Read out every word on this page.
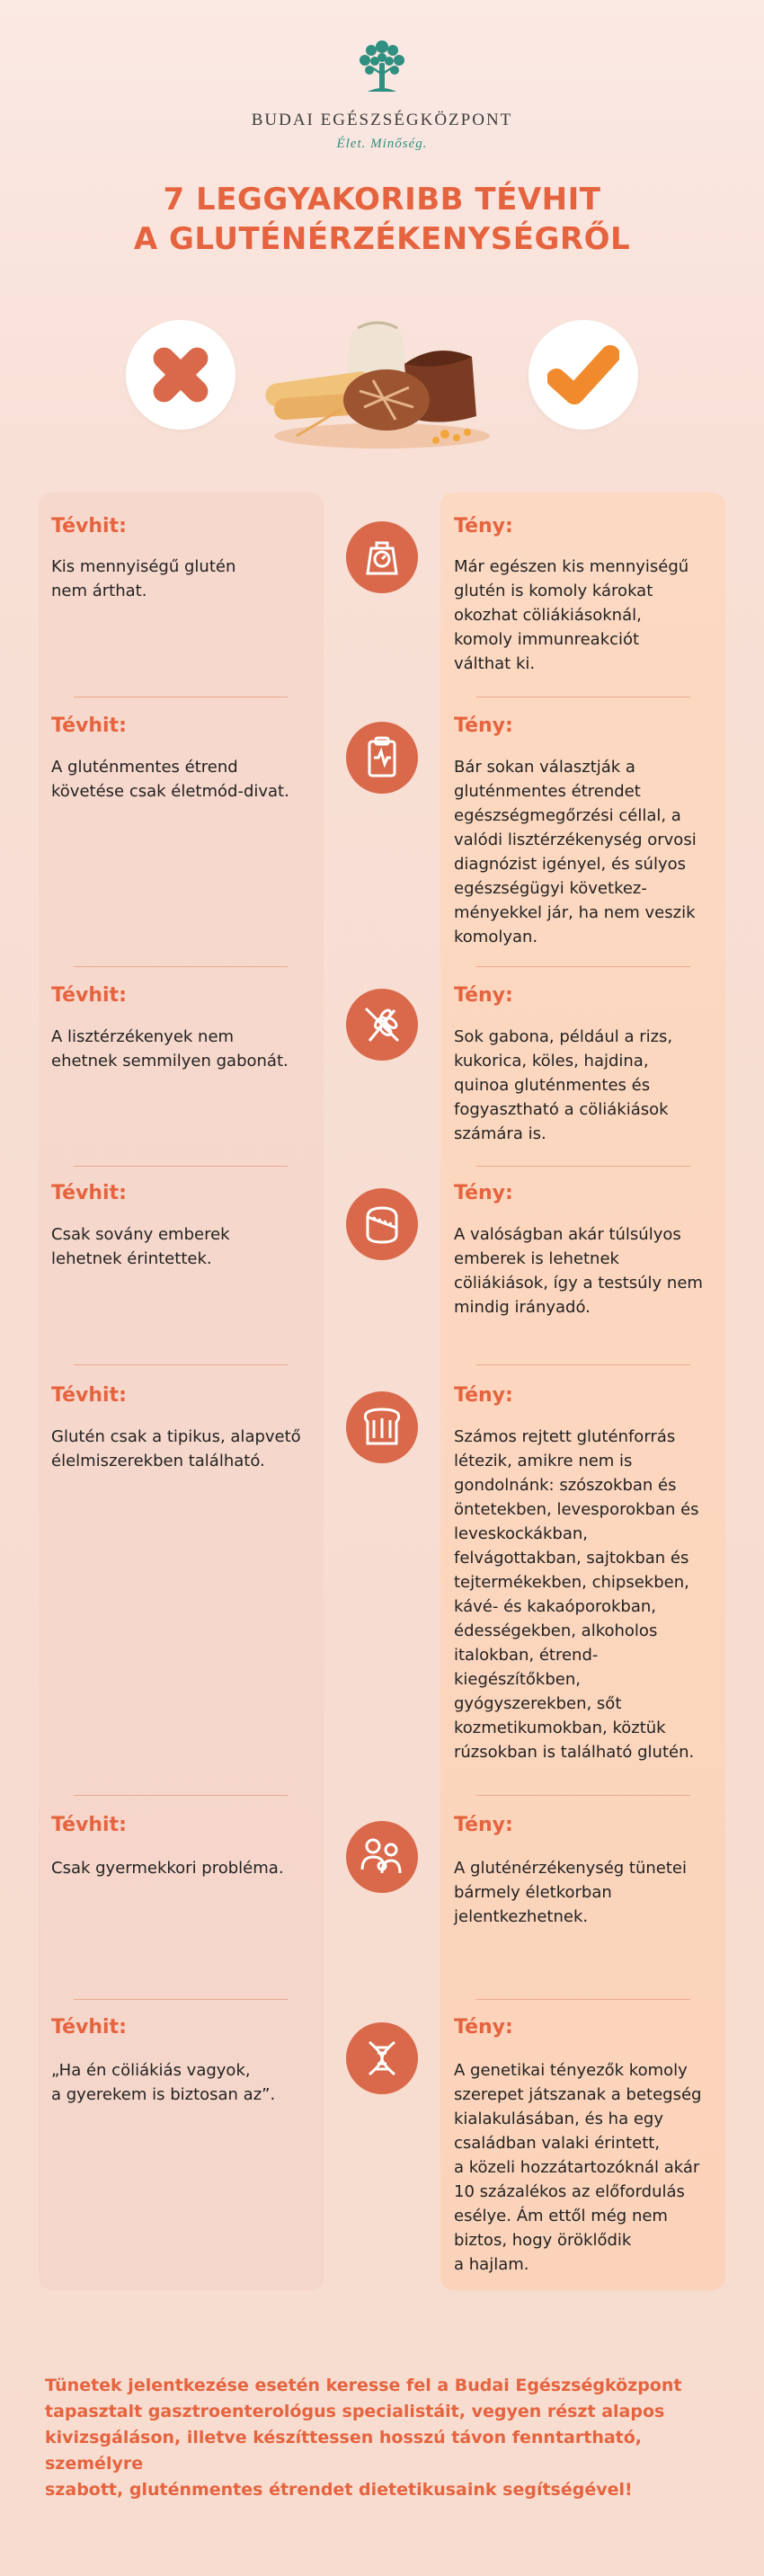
BUDAI EGÉSZSÉGKÖZPONT
Élet. Minőség.
7 LEGGYAKORIBB TÉVHIT
A GLUTÉNÉRZÉKENYSÉGRŐL
Tévhit:
Kis mennyiségű glutén
nem árthat.
Tény:
Már egészen kis mennyiségű
glutén is komoly károkat
okozhat cöliákiásoknál,
komoly immunreakciót
válthat ki.
Tévhit:
A gluténmentes étrend
követése csak életmód-divat.
Tény:
Bár sokan választják a
gluténmentes étrendet
egészségmegőrzési céllal, a
valódi lisztérzékenység orvosi
diagnózist igényel, és súlyos
egészségügyi következ-
ményekkel jár, ha nem veszik
komolyan.
Tévhit:
A lisztérzékenyek nem
ehetnek semmilyen gabonát.
Tény:
Sok gabona, például a rizs,
kukorica, köles, hajdina,
quinoa gluténmentes és
fogyasztható a cöliákiások
számára is.
Tévhit:
Csak sovány emberek
lehetnek érintettek.
Tény:
A valóságban akár túlsúlyos
emberek is lehetnek
cöliákiások, így a testsúly nem
mindig irányadó.
Tévhit:
Glutén csak a tipikus, alapvető
élelmiszerekben található.
Tény:
Számos rejtett gluténforrás
létezik, amikre nem is
gondolnánk: szószokban és
öntetekben, levesporokban és
leveskockákban,
felvágottakban, sajtokban és
tejtermékekben, chipsekben,
kávé- és kakaóporokban,
édességekben, alkoholos
italokban, étrend-
kiegészítőkben,
gyógyszerekben, sőt
kozmetikumokban, köztük
rúzsokban is található glutén.
Tévhit:
Csak gyermekkori probléma.
Tény:
A gluténérzékenység tünetei
bármely életkorban
jelentkezhetnek.
Tévhit:
„Ha én cöliákiás vagyok,
a gyerekem is biztosan az”.
Tény:
A genetikai tényezők komoly
szerepet játszanak a betegség
kialakulásában, és ha egy
családban valaki érintett,
a közeli hozzátartozóknál akár
10 százalékos az előfordulás
esélye. Ám ettől még nem
biztos, hogy öröklődik
a hajlam.
Tünetek jelentkezése esetén keresse fel a Budai Egészségközpont
tapasztalt gasztroenterológus specialistáit, vegyen részt alapos
kivizsgáláson, illetve készíttessen hosszú távon fenntartható, személyre
szabott, gluténmentes étrendet dietetikusaink segítségével!
